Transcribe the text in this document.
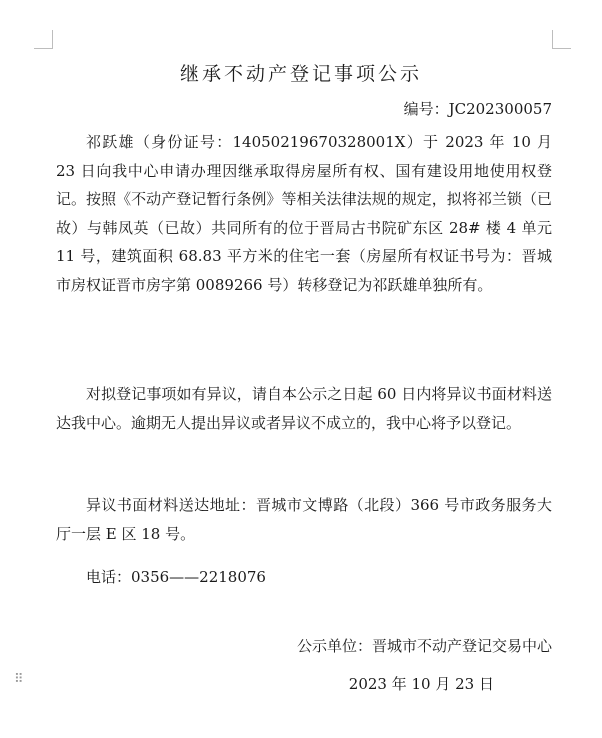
⠿
继承不动产登记事项公示
编号：JC202300057

祁跃雄（身份证号：14050219670328001X）于 2023 年 10 月 23 日向我中心申请办理因继承取得房屋所有权、国有建设用地使用权登记。按照《不动产登记暂行条例》等相关法律法规的规定，拟将祁兰锁（已故）与韩凤英（已故）共同所有的位于晋局古书院矿东区 28# 楼 4 单元 11 号，建筑面积 68.83 平方米的住宅一套（房屋所有权证书号为：晋城市房权证晋市房字第 0089266 号）转移登记为祁跃雄单独所有。

对拟登记事项如有异议，请自本公示之日起 60 日内将异议书面材料送达我中心。逾期无人提出异议或者异议不成立的，我中心将予以登记。

异议书面材料送达地址：晋城市文博路（北段）366 号市政务服务大厅一层 E 区 18 号。

电话：0356——2218076

公示单位：晋城市不动产登记交易中心
2023 年 10 月 23 日
